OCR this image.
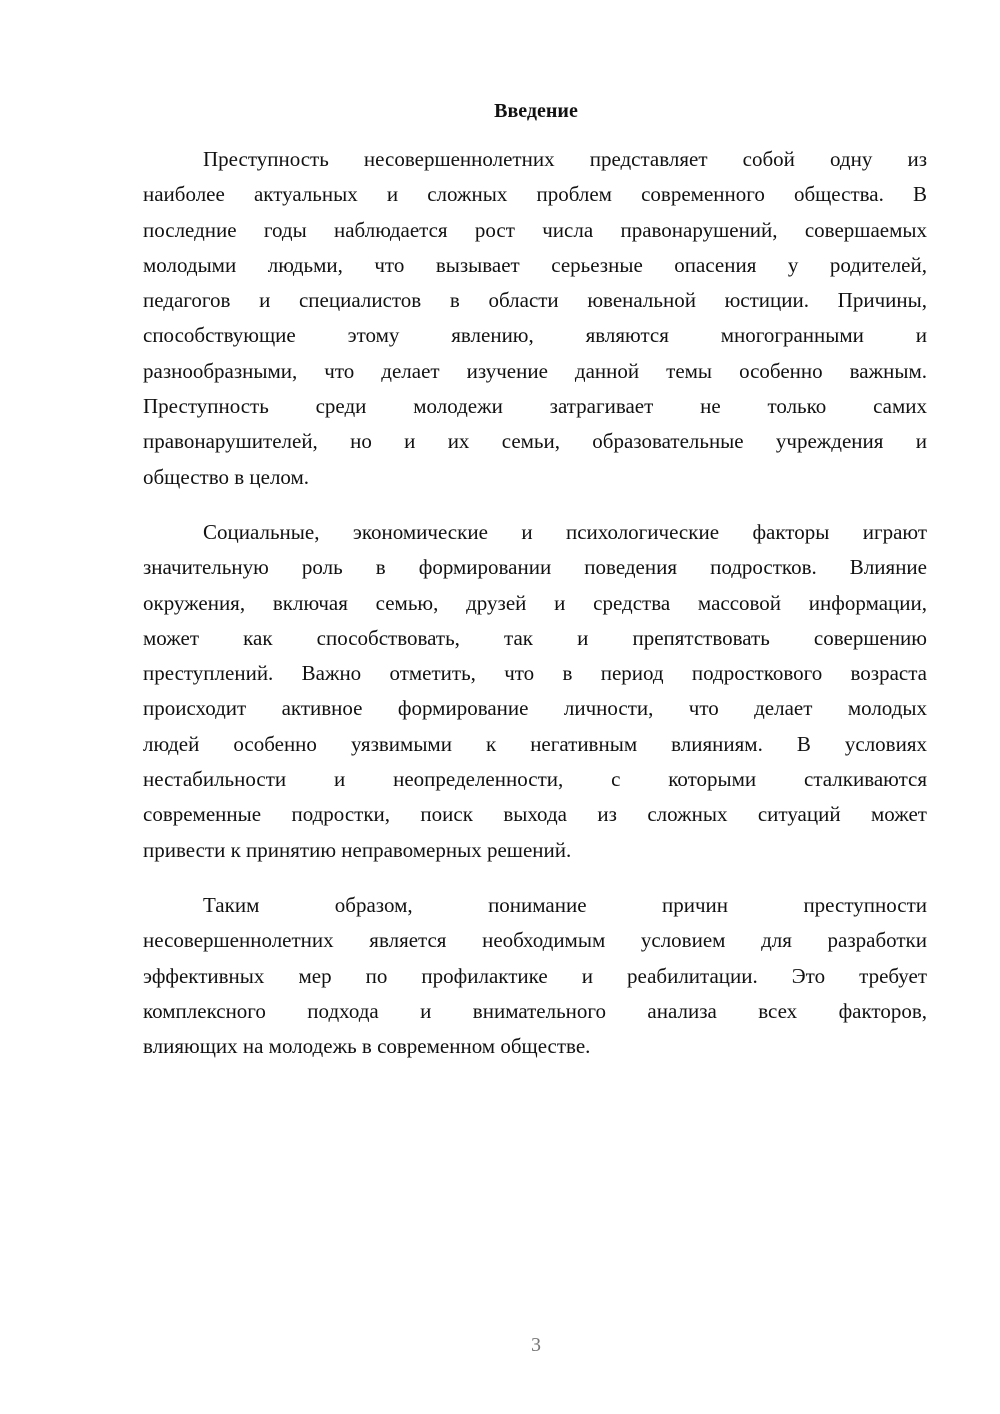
Введение
Преступность несовершеннолетних представляет собой одну из
наиболее актуальных и сложных проблем современного общества. В
последние годы наблюдается рост числа правонарушений, совершаемых
молодыми людьми, что вызывает серьезные опасения у родителей,
педагогов и специалистов в области ювенальной юстиции. Причины,
способствующие этому явлению, являются многогранными и
разнообразными, что делает изучение данной темы особенно важным.
Преступность среди молодежи затрагивает не только самих
правонарушителей, но и их семьи, образовательные учреждения и
общество в целом.
Социальные, экономические и психологические факторы играют
значительную роль в формировании поведения подростков. Влияние
окружения, включая семью, друзей и средства массовой информации,
может как способствовать, так и препятствовать совершению
преступлений. Важно отметить, что в период подросткового возраста
происходит активное формирование личности, что делает молодых
людей особенно уязвимыми к негативным влияниям. В условиях
нестабильности и неопределенности, с которыми сталкиваются
современные подростки, поиск выхода из сложных ситуаций может
привести к принятию неправомерных решений.
Таким образом, понимание причин преступности
несовершеннолетних является необходимым условием для разработки
эффективных мер по профилактике и реабилитации. Это требует
комплексного подхода и внимательного анализа всех факторов,
влияющих на молодежь в современном обществе.
3
